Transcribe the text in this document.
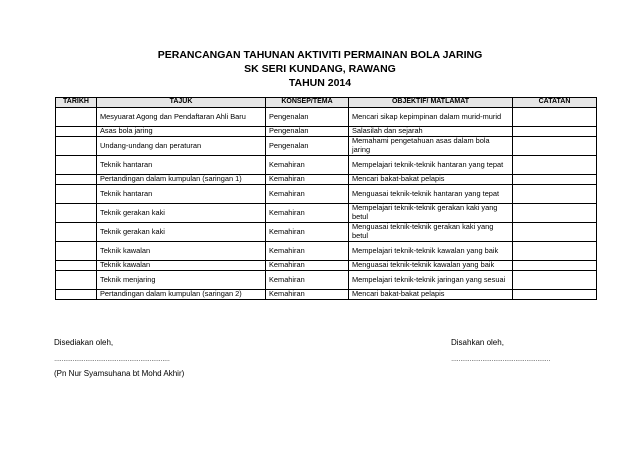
PERANCANGAN TAHUNAN AKTIVITI PERMAINAN BOLA JARING
SK SERI KUNDANG, RAWANG
TAHUN 2014
TARIKH	TAJUK	KONSEP/TEMA	OBJEKTIF/ MATLAMAT	CATATAN
	Mesyuarat Agong dan Pendaftaran Ahli Baru	Pengenalan	Mencari sikap kepimpinan dalam murid-murid	
	Asas bola jaring	Pengenalan	Salasilah dan sejarah	
	Undang-undang dan peraturan	Pengenalan	Memahami pengetahuan asas dalam bola jaring	
	Teknik hantaran	Kemahiran	Mempelajari teknik-teknik hantaran yang tepat	
	Pertandingan dalam kumpulan (saringan 1)	Kemahiran	Mencari bakat-bakat pelapis	
	Teknik hantaran	Kemahiran	Menguasai teknik-teknik hantaran yang tepat	
	Teknik gerakan kaki	Kemahiran	Mempelajari teknik-teknik gerakan kaki yang betul	
	Teknik gerakan kaki	Kemahiran	Menguasai teknik-teknik gerakan kaki yang betul	
	Teknik kawalan	Kemahiran	Mempelajari teknik-teknik kawalan yang baik	
	Teknik kawalan	Kemahiran	Menguasai teknik-teknik kawalan yang baik	
	Teknik menjaring	Kemahiran	Mempelajari teknik-teknik jaringan yang sesuai	
	Pertandingan dalam kumpulan (saringan 2)	Kemahiran	Mencari bakat-bakat pelapis	
Disediakan oleh,
………………………………………………………
(Pn Nur Syamsuhana bt Mohd Akhir)
Disahkan oleh,
………………………………………………
